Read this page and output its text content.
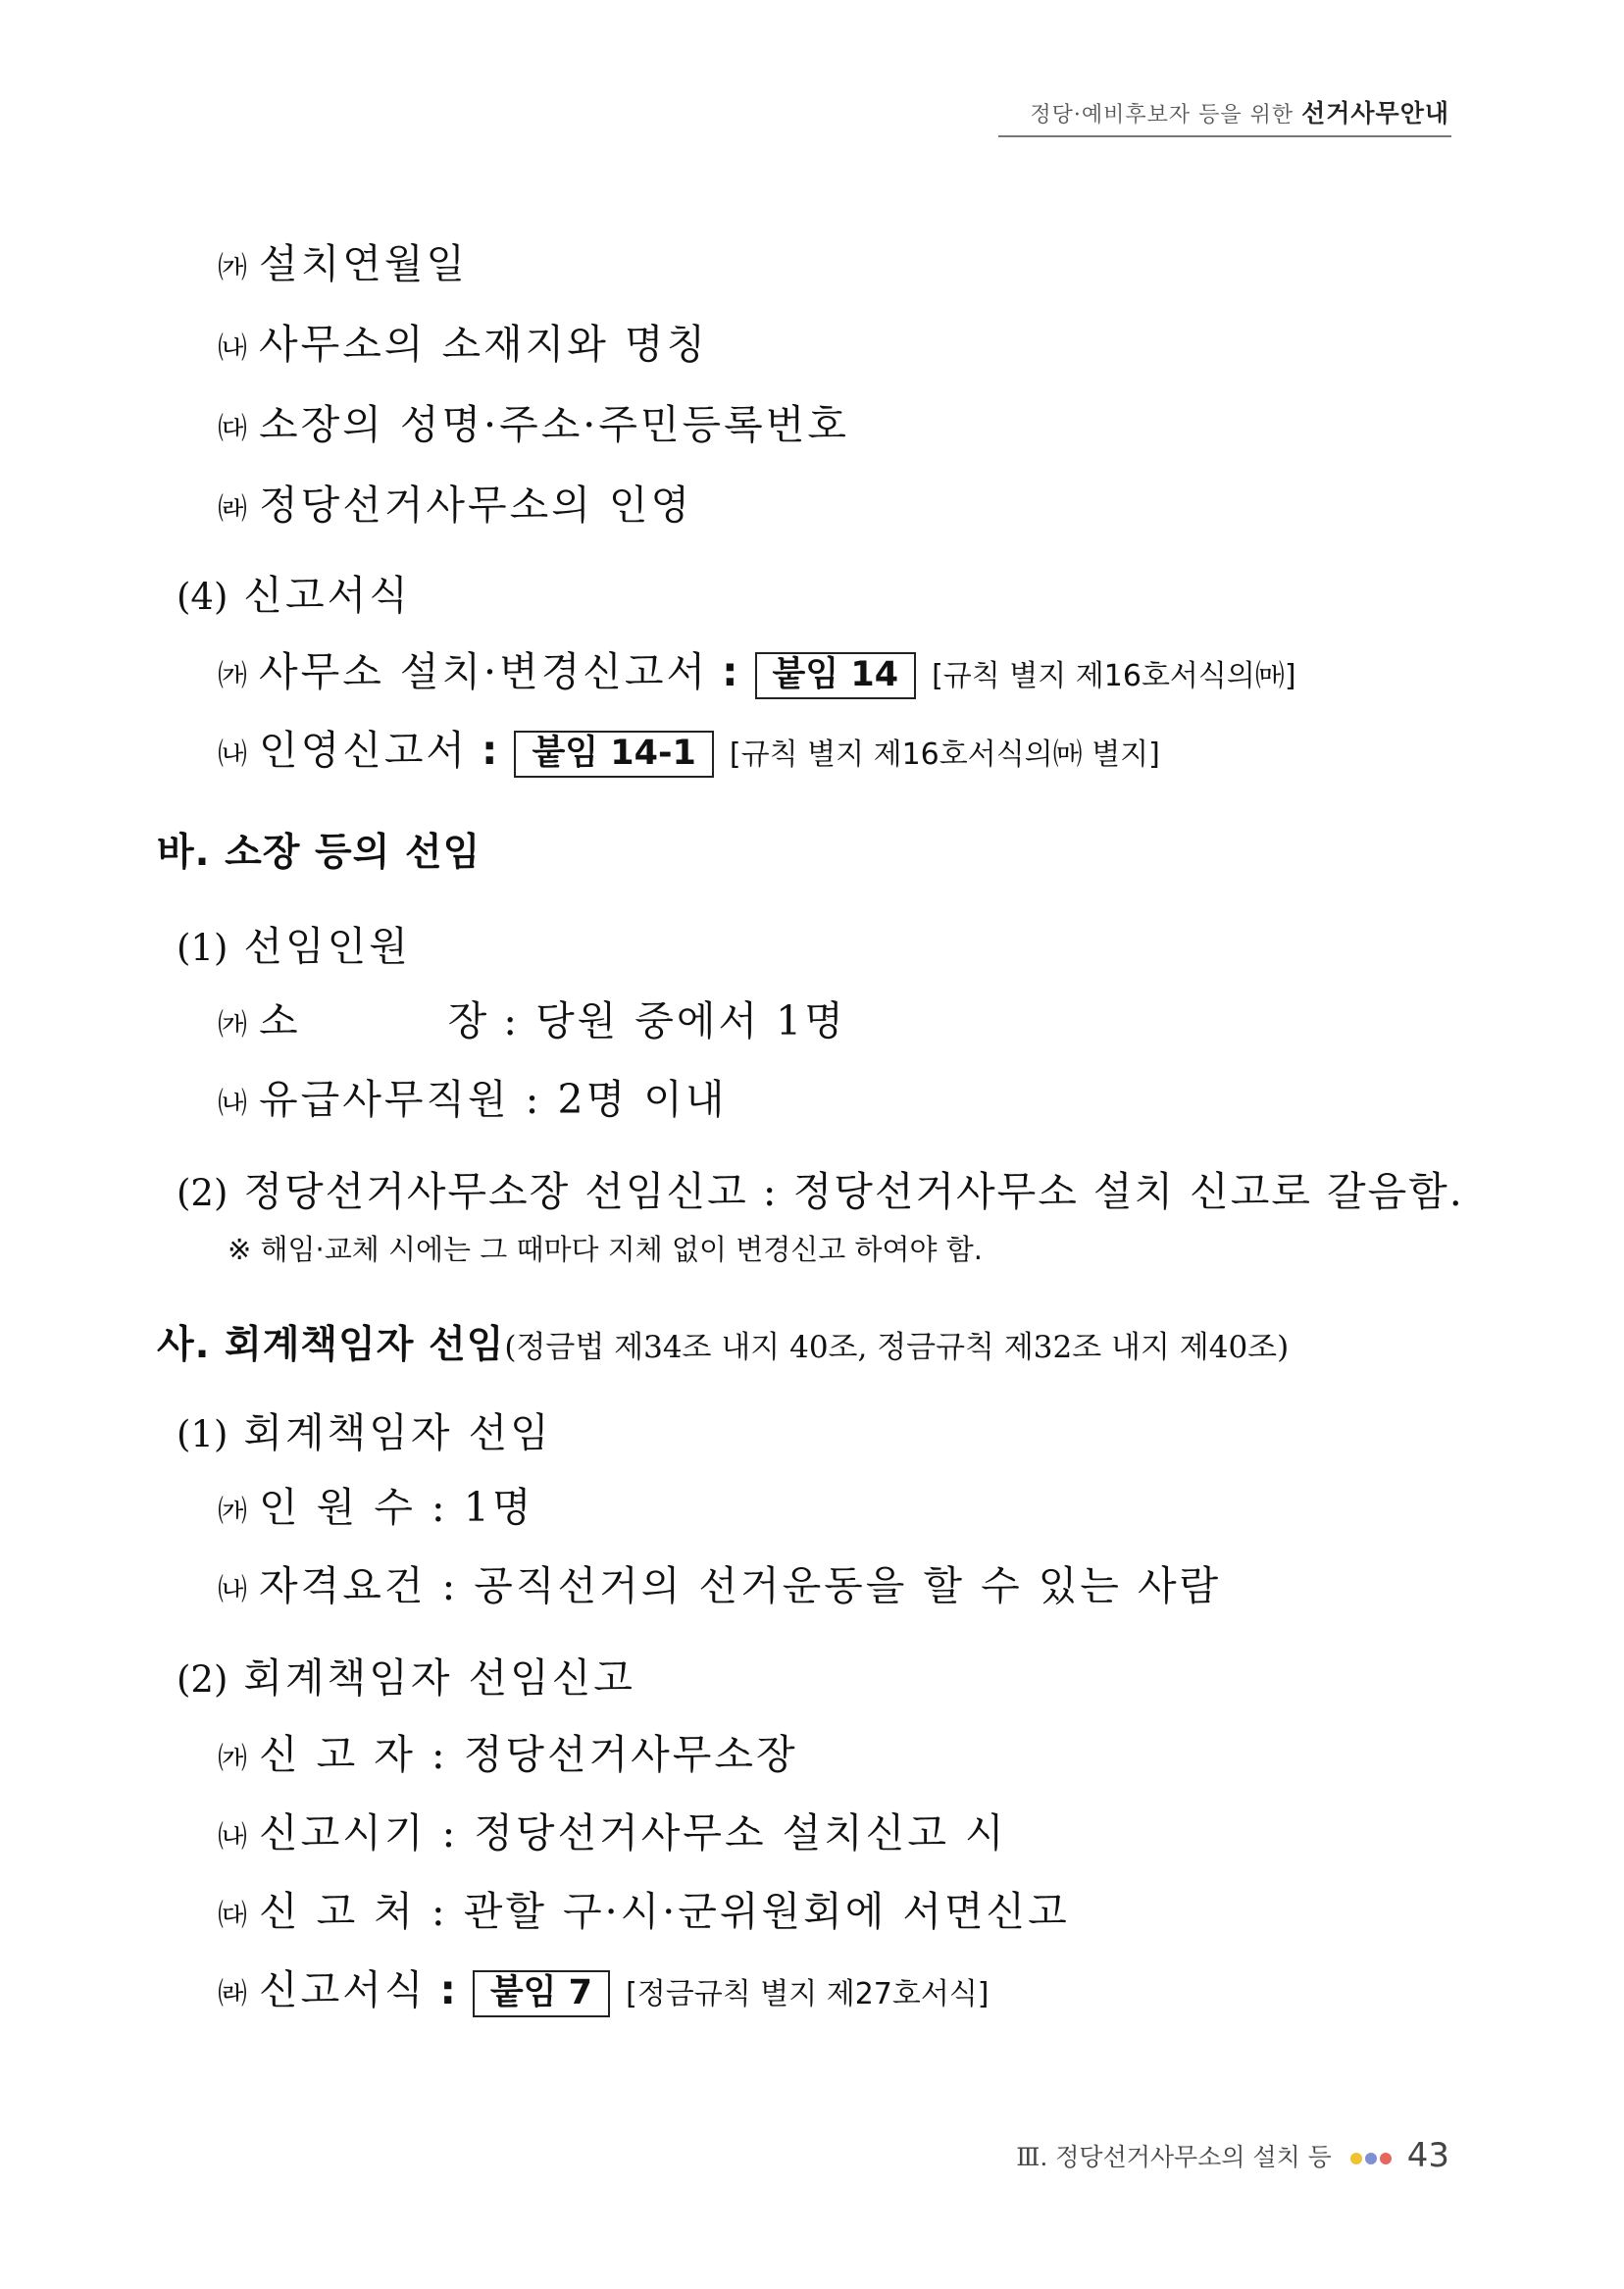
정당·예비후보자 등을 위한 선거사무안내
㈎ 설치연월일
㈏ 사무소의 소재지와 명칭
㈐ 소장의 성명·주소·주민등록번호
㈑ 정당선거사무소의 인영
(4) 신고서식
㈎ 사무소 설치·변경신고서 : 붙임 14 [규칙 별지 제16호서식의㈒]
㈏ 인영신고서 : 붙임 14-1 [규칙 별지 제16호서식의㈒ 별지]
바. 소장 등의 선임
(1) 선임인원
㈎ 소	장 : 당원 중에서 1명
㈏ 유급사무직원 : 2명 이내
(2) 정당선거사무소장 선임신고 : 정당선거사무소 설치 신고로 갈음함.
※ 해임·교체 시에는 그 때마다 지체 없이 변경신고 하여야 함.
사. 회계책임자 선임(정금법 제34조 내지 40조, 정금규칙 제32조 내지 제40조)
(1) 회계책임자 선임
㈎ 인 원 수 : 1명
㈏ 자격요건 : 공직선거의 선거운동을 할 수 있는 사람
(2) 회계책임자 선임신고
㈎ 신 고 자 : 정당선거사무소장
㈏ 신고시기 : 정당선거사무소 설치신고 시
㈐ 신 고 처 : 관할 구·시·군위원회에 서면신고
㈑ 신고서식 : 붙임 7 [정금규칙 별지 제27호서식]
Ⅲ. 정당선거사무소의 설치 등 43
